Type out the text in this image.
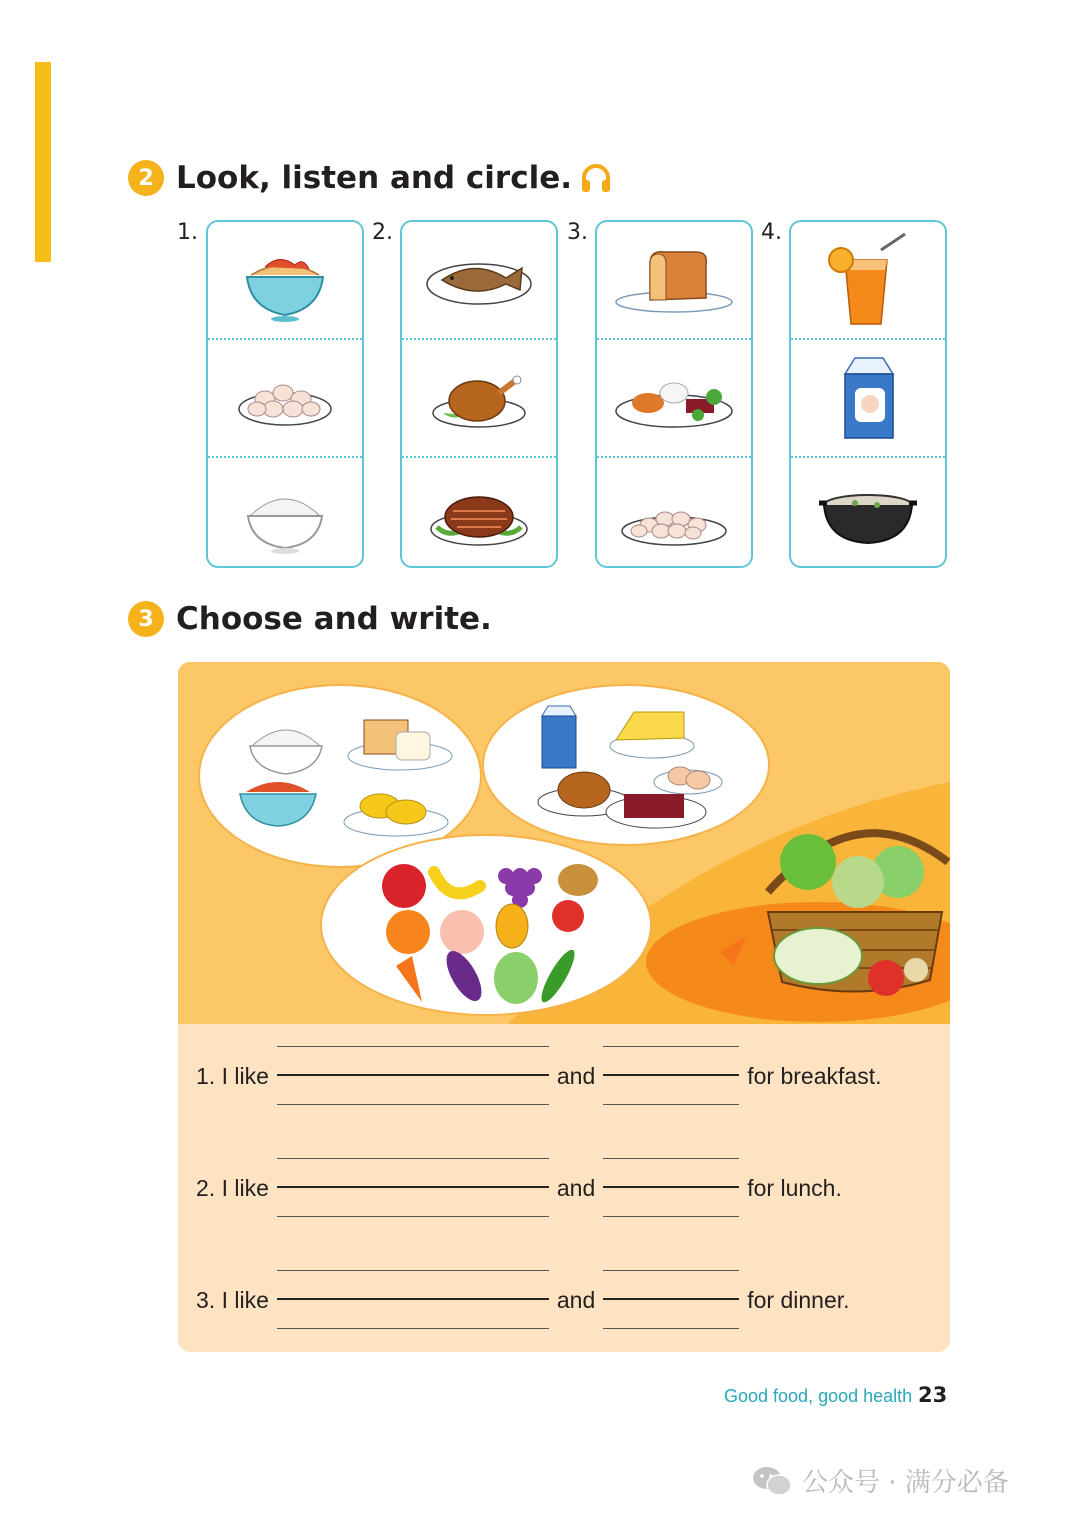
2 Look, listen and circle.
1.	2.	3.	4.
3 Choose and write.
1. I like	and	for breakfast.
2. I like	and	for lunch.
3. I like	and	for dinner.
Good food, good health 23
公众号 · 满分必备
